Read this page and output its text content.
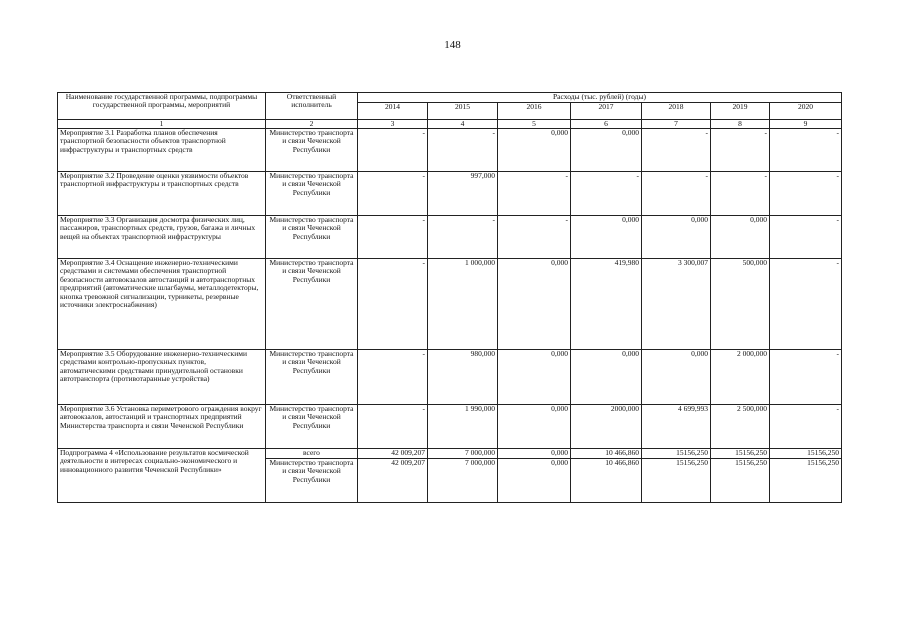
148
Наименование государственной программы, подпрограммы государственной программы, мероприятий	Ответственный исполнитель	Расходы (тыс. рублей) (годы)						
		2014	2015	2016	2017	2018	2019	2020
1	2	3	4	5	6	7	8	9
Мероприятие 3.1 Разработка планов обеспечения транспортной безопасности объектов транспортной инфраструктуры и транспортных средств	Министерство транспорта и связи Чеченской Республики	-	-	0,000	0,000	-	-	-
Мероприятие 3.2 Проведение оценки уязвимости объектов транспортной инфраструктуры и транспортных средств	Министерство транспорта и связи Чеченской Республики	-	997,000	-	-	-	-	-
Мероприятие 3.3 Организация досмотра физических лиц, пассажиров, транспортных средств, грузов, багажа и личных вещей на объектах транспортной инфраструктуры	Министерство транспорта и связи Чеченской Республики	-	-	-	0,000	0,000	0,000	-
Мероприятие 3.4 Оснащение инженерно-техническими средствами и системами обеспечения транспортной безопасности автовокзалов автостанций и автотранспортных предприятий (автоматические шлагбаумы, металлодетекторы, кнопка тревожной сигнализации, турникеты, резервные источники электроснабжения)	Министерство транспорта и связи Чеченской Республики	-	1 000,000	0,000	419,980	3 300,007	500,000	-
Мероприятие 3.5 Оборудование инженерно-техническими средствами контрольно-пропускных пунктов, автоматическими средствами принудительной остановки автотранспорта (противотаранные устройства)	Министерство транспорта и связи Чеченской Республики	-	980,000	0,000	0,000	0,000	2 000,000	-
Мероприятие 3.6 Установка периметрового ограждения вокруг автовокзалов, автостанций и транспортных предприятий Министерства транспорта и связи Чеченской Республики	Министерство транспорта и связи Чеченской Республики	-	1 990,000	0,000	2000,000	4 699,993	2 500,000	-
Подпрограмма 4 «Использование результатов космической деятельности в интересах социально-экономического и инновационного развития Чеченской Республики»	всего	42 009,207	7 000,000	0,000	10 466,860	15156,250	15156,250	15156,250
	Министерство транспорта и связи Чеченской Республики	42 009,207	7 000,000	0,000	10 466,860	15156,250	15156,250	15156,250
